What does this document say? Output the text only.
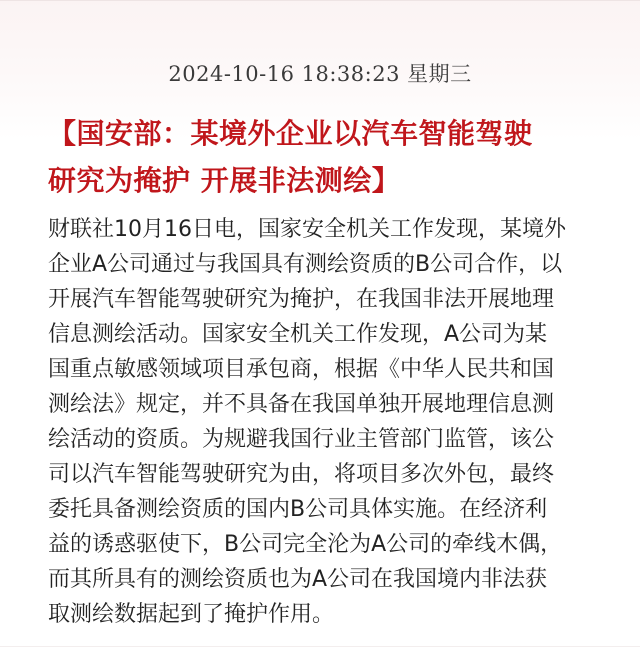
2024-10-16 18:38:23 星期三
【国安部：某境外企业以汽车智能驾驶
研究为掩护 开展非法测绘】
财联社10月16日电，国家安全机关工作发现，某境外
企业A公司通过与我国具有测绘资质的B公司合作，以
开展汽车智能驾驶研究为掩护，在我国非法开展地理
信息测绘活动。国家安全机关工作发现，A公司为某
国重点敏感领域项目承包商，根据《中华人民共和国
测绘法》规定，并不具备在我国单独开展地理信息测
绘活动的资质。为规避我国行业主管部门监管，该公
司以汽车智能驾驶研究为由，将项目多次外包，最终
委托具备测绘资质的国内B公司具体实施。在经济利
益的诱惑驱使下，B公司完全沦为A公司的牵线木偶，
而其所具有的测绘资质也为A公司在我国境内非法获
取测绘数据起到了掩护作用。
